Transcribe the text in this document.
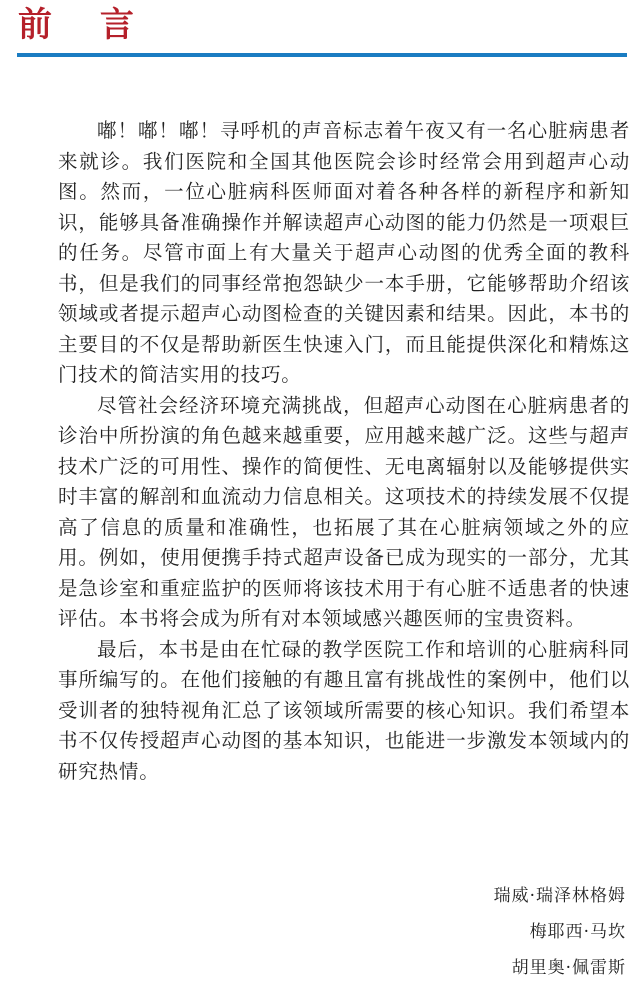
前 言

嘟！嘟！嘟！寻呼机的声音标志着午夜又有一名心脏病患者来就诊。我们医院和全国其他医院会诊时经常会用到超声心动图。然而，一位心脏病科医师面对着各种各样的新程序和新知识，能够具备准确操作并解读超声心动图的能力仍然是一项艰巨的任务。尽管市面上有大量关于超声心动图的优秀全面的教科书，但是我们的同事经常抱怨缺少一本手册，它能够帮助介绍该领域或者提示超声心动图检查的关键因素和结果。因此，本书的主要目的不仅是帮助新医生快速入门，而且能提供深化和精炼这门技术的简洁实用的技巧。

尽管社会经济环境充满挑战，但超声心动图在心脏病患者的诊治中所扮演的角色越来越重要，应用越来越广泛。这些与超声技术广泛的可用性、操作的简便性、无电离辐射以及能够提供实时丰富的解剖和血流动力信息相关。这项技术的持续发展不仅提高了信息的质量和准确性，也拓展了其在心脏病领域之外的应用。例如，使用便携手持式超声设备已成为现实的一部分，尤其是急诊室和重症监护的医师将该技术用于有心脏不适患者的快速评估。本书将会成为所有对本领域感兴趣医师的宝贵资料。

最后，本书是由在忙碌的教学医院工作和培训的心脏病科同事所编写的。在他们接触的有趣且富有挑战性的案例中，他们以受训者的独特视角汇总了该领域所需要的核心知识。我们希望本书不仅传授超声心动图的基本知识，也能进一步激发本领域内的研究热情。

瑞威·瑞泽林格姆
梅耶西·马坎
胡里奥·佩雷斯
